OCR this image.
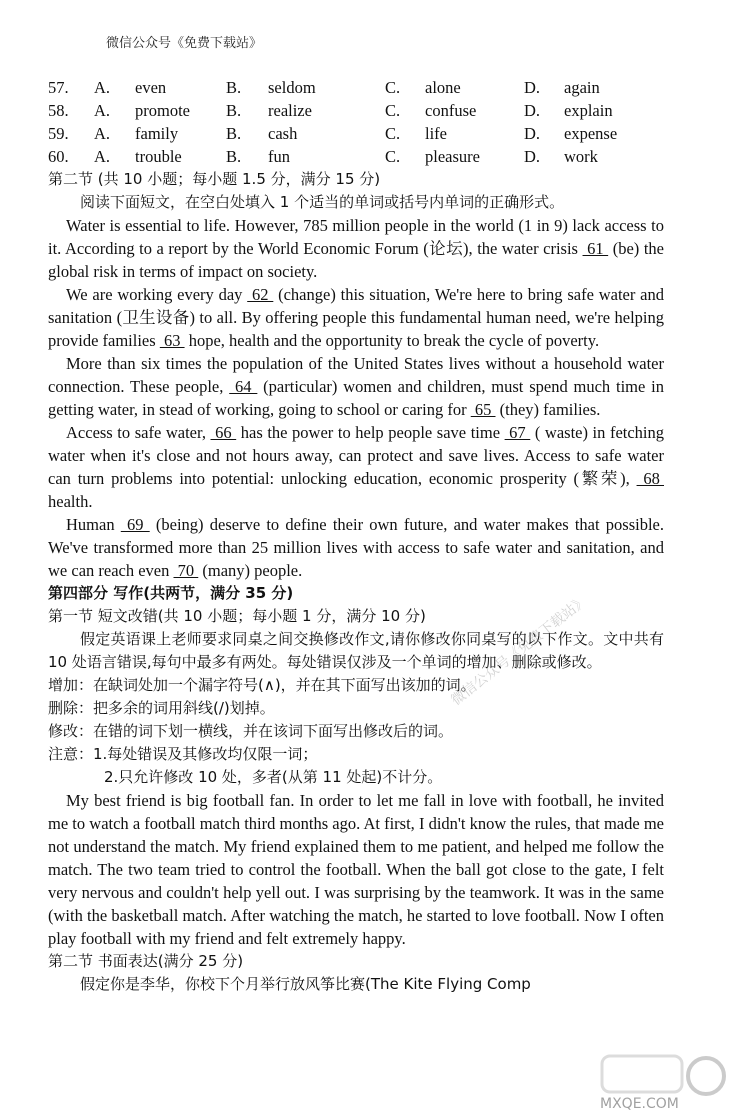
微信公众号《免费下载站》
57. A. even	B. seldom	C. alone	D. again
58. A. promote B. realize	C. confuse	D. explain
59. A. family	B. cash	C. life	D. expense
60. A. trouble	B. fun	C. pleasure	D. work
第二节 (共 10 小题；每小题 1.5 分，满分 15 分)
阅读下面短文，在空白处填入 1 个适当的单词或括号内单词的正确形式。

Water is essential to life. However, 785 million people in the world (1 in 9) lack access to it. According to a report by the World Economic Forum (论坛), the water crisis  61  (be) the global risk in terms of impact on society.

We are working every day  62  (change) this situation, We're here to bring safe water and sanitation (卫生设备) to all. By offering people this fundamental human need, we're helping provide families  63  hope, health and the opportunity to break the cycle of poverty.

More than six times the population of the United States lives without a household water connection. These people,  64  (particular) women and children, must spend much time in getting water, in stead of working, going to school or caring for  65  (they) families.

Access to safe water,  66  has the power to help people save time  67  ( waste) in fetching water when it's close and not hours away, can protect and save lives. Access to safe water can turn problems into potential: unlocking education, economic prosperity (繁荣),  68  health.

Human  69  (being) deserve to define their own future, and water makes that possible. We've transformed more than 25 million lives with access to safe water and sanitation, and we can reach even  70  (many) people.

第四部分 写作(共两节，满分 35 分)
第一节 短文改错(共 10 小题；每小题 1 分，满分 10 分)

假定英语课上老师要求同桌之间交换修改作文,请你修改你同桌写的以下作文。文中共有 10 处语言错误,每句中最多有两处。每处错误仅涉及一个单词的增加、删除或修改。

增加：在缺词处加一个漏字符号(∧)，并在其下面写出该加的词。
删除：把多余的词用斜线(/)划掉。
修改：在错的词下划一横线，并在该词下面写出修改后的词。
注意：1.每处错误及其修改均仅限一词；
2.只允许修改 10 处，多者(从第 11 处起)不计分。

My best friend is big football fan. In order to let me fall in love with football, he invited me to watch a football match third months ago. At first, I didn't know the rules, that made me not understand the match. My friend explained them to me patient, and helped me follow the match. The two team tried to control the football. When the ball got close to the gate, I felt very nervous and couldn't help yell out. I was surprising by the teamwork. It was in the same (with the basketball match. After watching the match, he started to love football. Now I often play football with my friend and felt extremely happy.

第二节 书面表达(满分 25 分)
假定你是李华，你校下个月举行放风筝比赛(The Kite Flying Comp
微信公众号《免费下载站》
MXQE.COM
